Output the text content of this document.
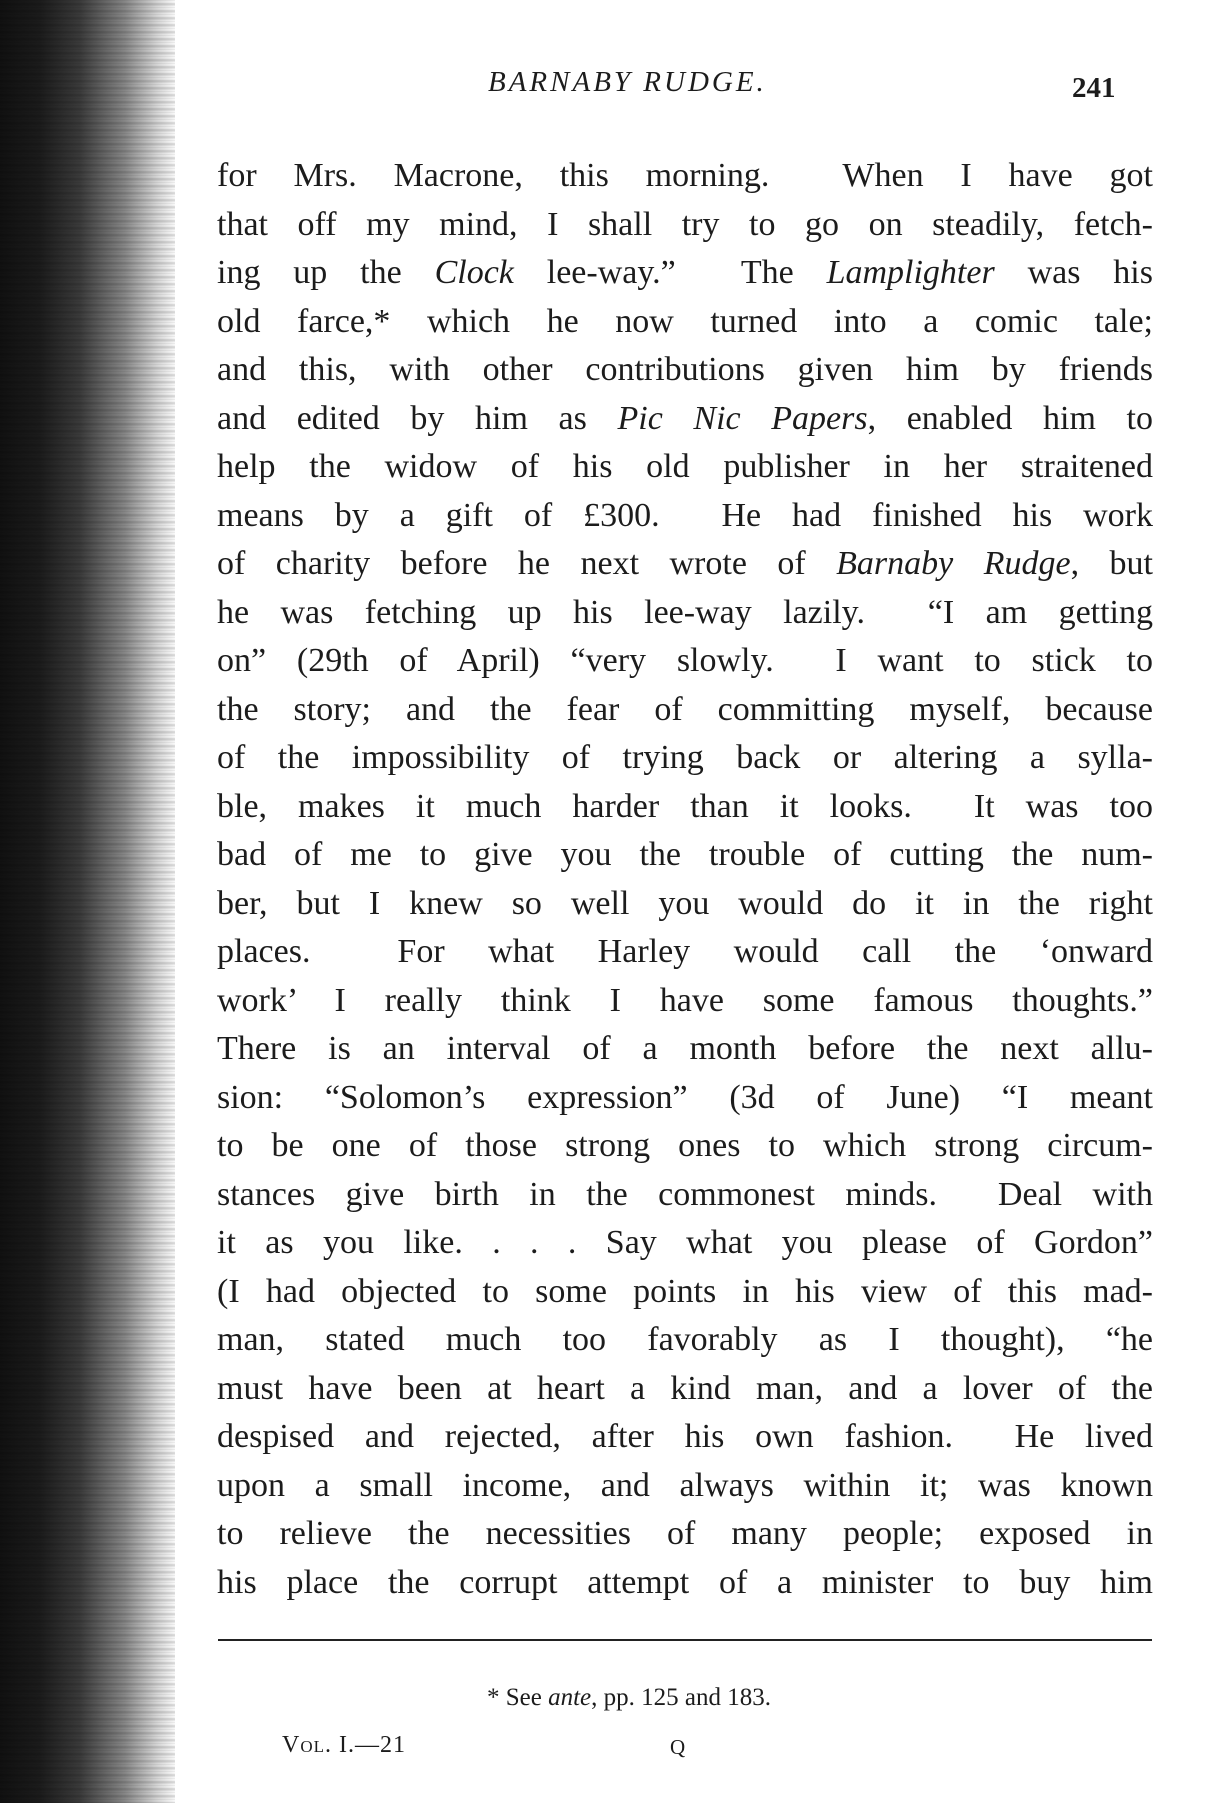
BARNABY RUDGE.	241
for Mrs. Macrone, this morning.  When I have got
that off my mind, I shall try to go on steadily, fetch-
ing up the Clock lee-way.”  The Lamplighter was his
old farce,* which he now turned into a comic tale;
and this, with other contributions given him by friends
and edited by him as Pic Nic Papers, enabled him to
help the widow of his old publisher in her straitened
means by a gift of £300.  He had finished his work
of charity before he next wrote of Barnaby Rudge, but
he was fetching up his lee-way lazily.  “I am getting
on” (29th of April) “very slowly.  I want to stick to
the story; and the fear of committing myself, because
of the impossibility of trying back or altering a sylla-
ble, makes it much harder than it looks.  It was too
bad of me to give you the trouble of cutting the num-
ber, but I knew so well you would do it in the right
places.  For what Harley would call the ‘onward
work’ I really think I have some famous thoughts.”
There is an interval of a month before the next allu-
sion: “Solomon’s expression” (3d of June) “I meant
to be one of those strong ones to which strong circum-
stances give birth in the commonest minds.  Deal with
it as you like. . . . Say what you please of Gordon”
(I had objected to some points in his view of this mad-
man, stated much too favorably as I thought), “he
must have been at heart a kind man, and a lover of the
despised and rejected, after his own fashion.  He lived
upon a small income, and always within it; was known
to relieve the necessities of many people; exposed in
his place the corrupt attempt of a minister to buy him
* See ante, pp. 125 and 183.
Vol. I.—21	Q
